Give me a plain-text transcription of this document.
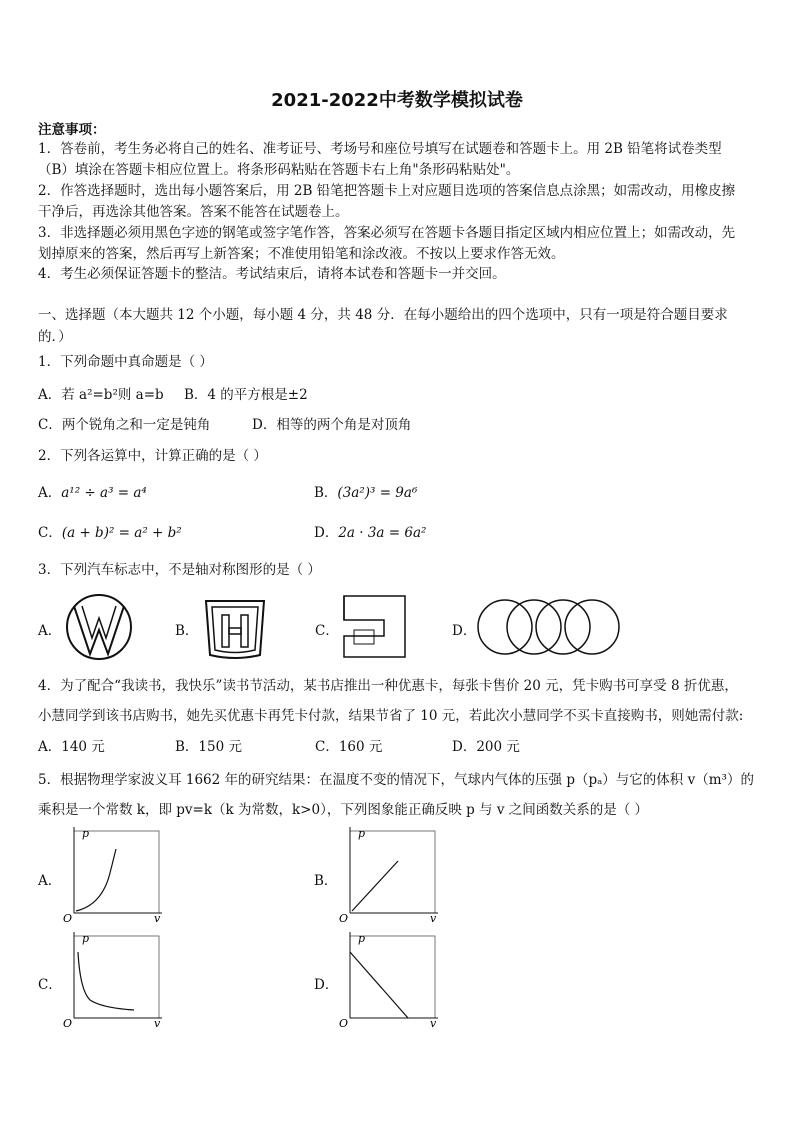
2021-2022中考数学模拟试卷
注意事项：
1．答卷前，考生务必将自己的姓名、准考证号、考场号和座位号填写在试题卷和答题卡上。用 2B 铅笔将试卷类型
（B）填涂在答题卡相应位置上。将条形码粘贴在答题卡右上角"条形码粘贴处"。
2．作答选择题时，选出每小题答案后，用 2B 铅笔把答题卡上对应题目选项的答案信息点涂黑；如需改动，用橡皮擦
干净后，再选涂其他答案。答案不能答在试题卷上。
3．非选择题必须用黑色字迹的钢笔或签字笔作答，答案必须写在答题卡各题目指定区域内相应位置上；如需改动，先
划掉原来的答案，然后再写上新答案；不准使用铅笔和涂改液。不按以上要求作答无效。
4．考生必须保证答题卡的整洁。考试结束后，请将本试卷和答题卡一并交回。
一、选择题（本大题共 12 个小题，每小题 4 分，共 48 分．在每小题给出的四个选项中，只有一项是符合题目要求
的．）
1．下列命题中真命题是（ ）
A．若 a²=b²则 a=b B．4 的平方根是±2
C．两个锐角之和一定是钝角	D．相等的两个角是对顶角
2．下列各运算中，计算正确的是（ ）
A．a¹² ÷ a³ = a⁴	B．(3a²)³ = 9a⁶
C．(a + b)² = a² + b²	D．2a · 3a = 6a²
3．下列汽车标志中，不是轴对称图形的是（ ）
A．	B．	C．	D．
4．为了配合“我读书，我快乐”读书节活动，某书店推出一种优惠卡，每张卡售价 20 元，凭卡购书可享受 8 折优惠，
小慧同学到该书店购书，她先买优惠卡再凭卡付款，结果节省了 10 元，若此次小慧同学不买卡直接购书，则她需付款:
A．140 元	B．150 元	C．160 元	D．200 元
5．根据物理学家波义耳 1662 年的研究结果：在温度不变的情况下，气球内气体的压强 p（pₐ）与它的体积 v（m³）的
乘积是一个常数 k，即 pv=k（k 为常数，k>0），下列图象能正确反映 p 与 v 之间函数关系的是（ ）
A．	B．
C．	D．
p
v
O
p
v
O
p
v
O
p
v
O
